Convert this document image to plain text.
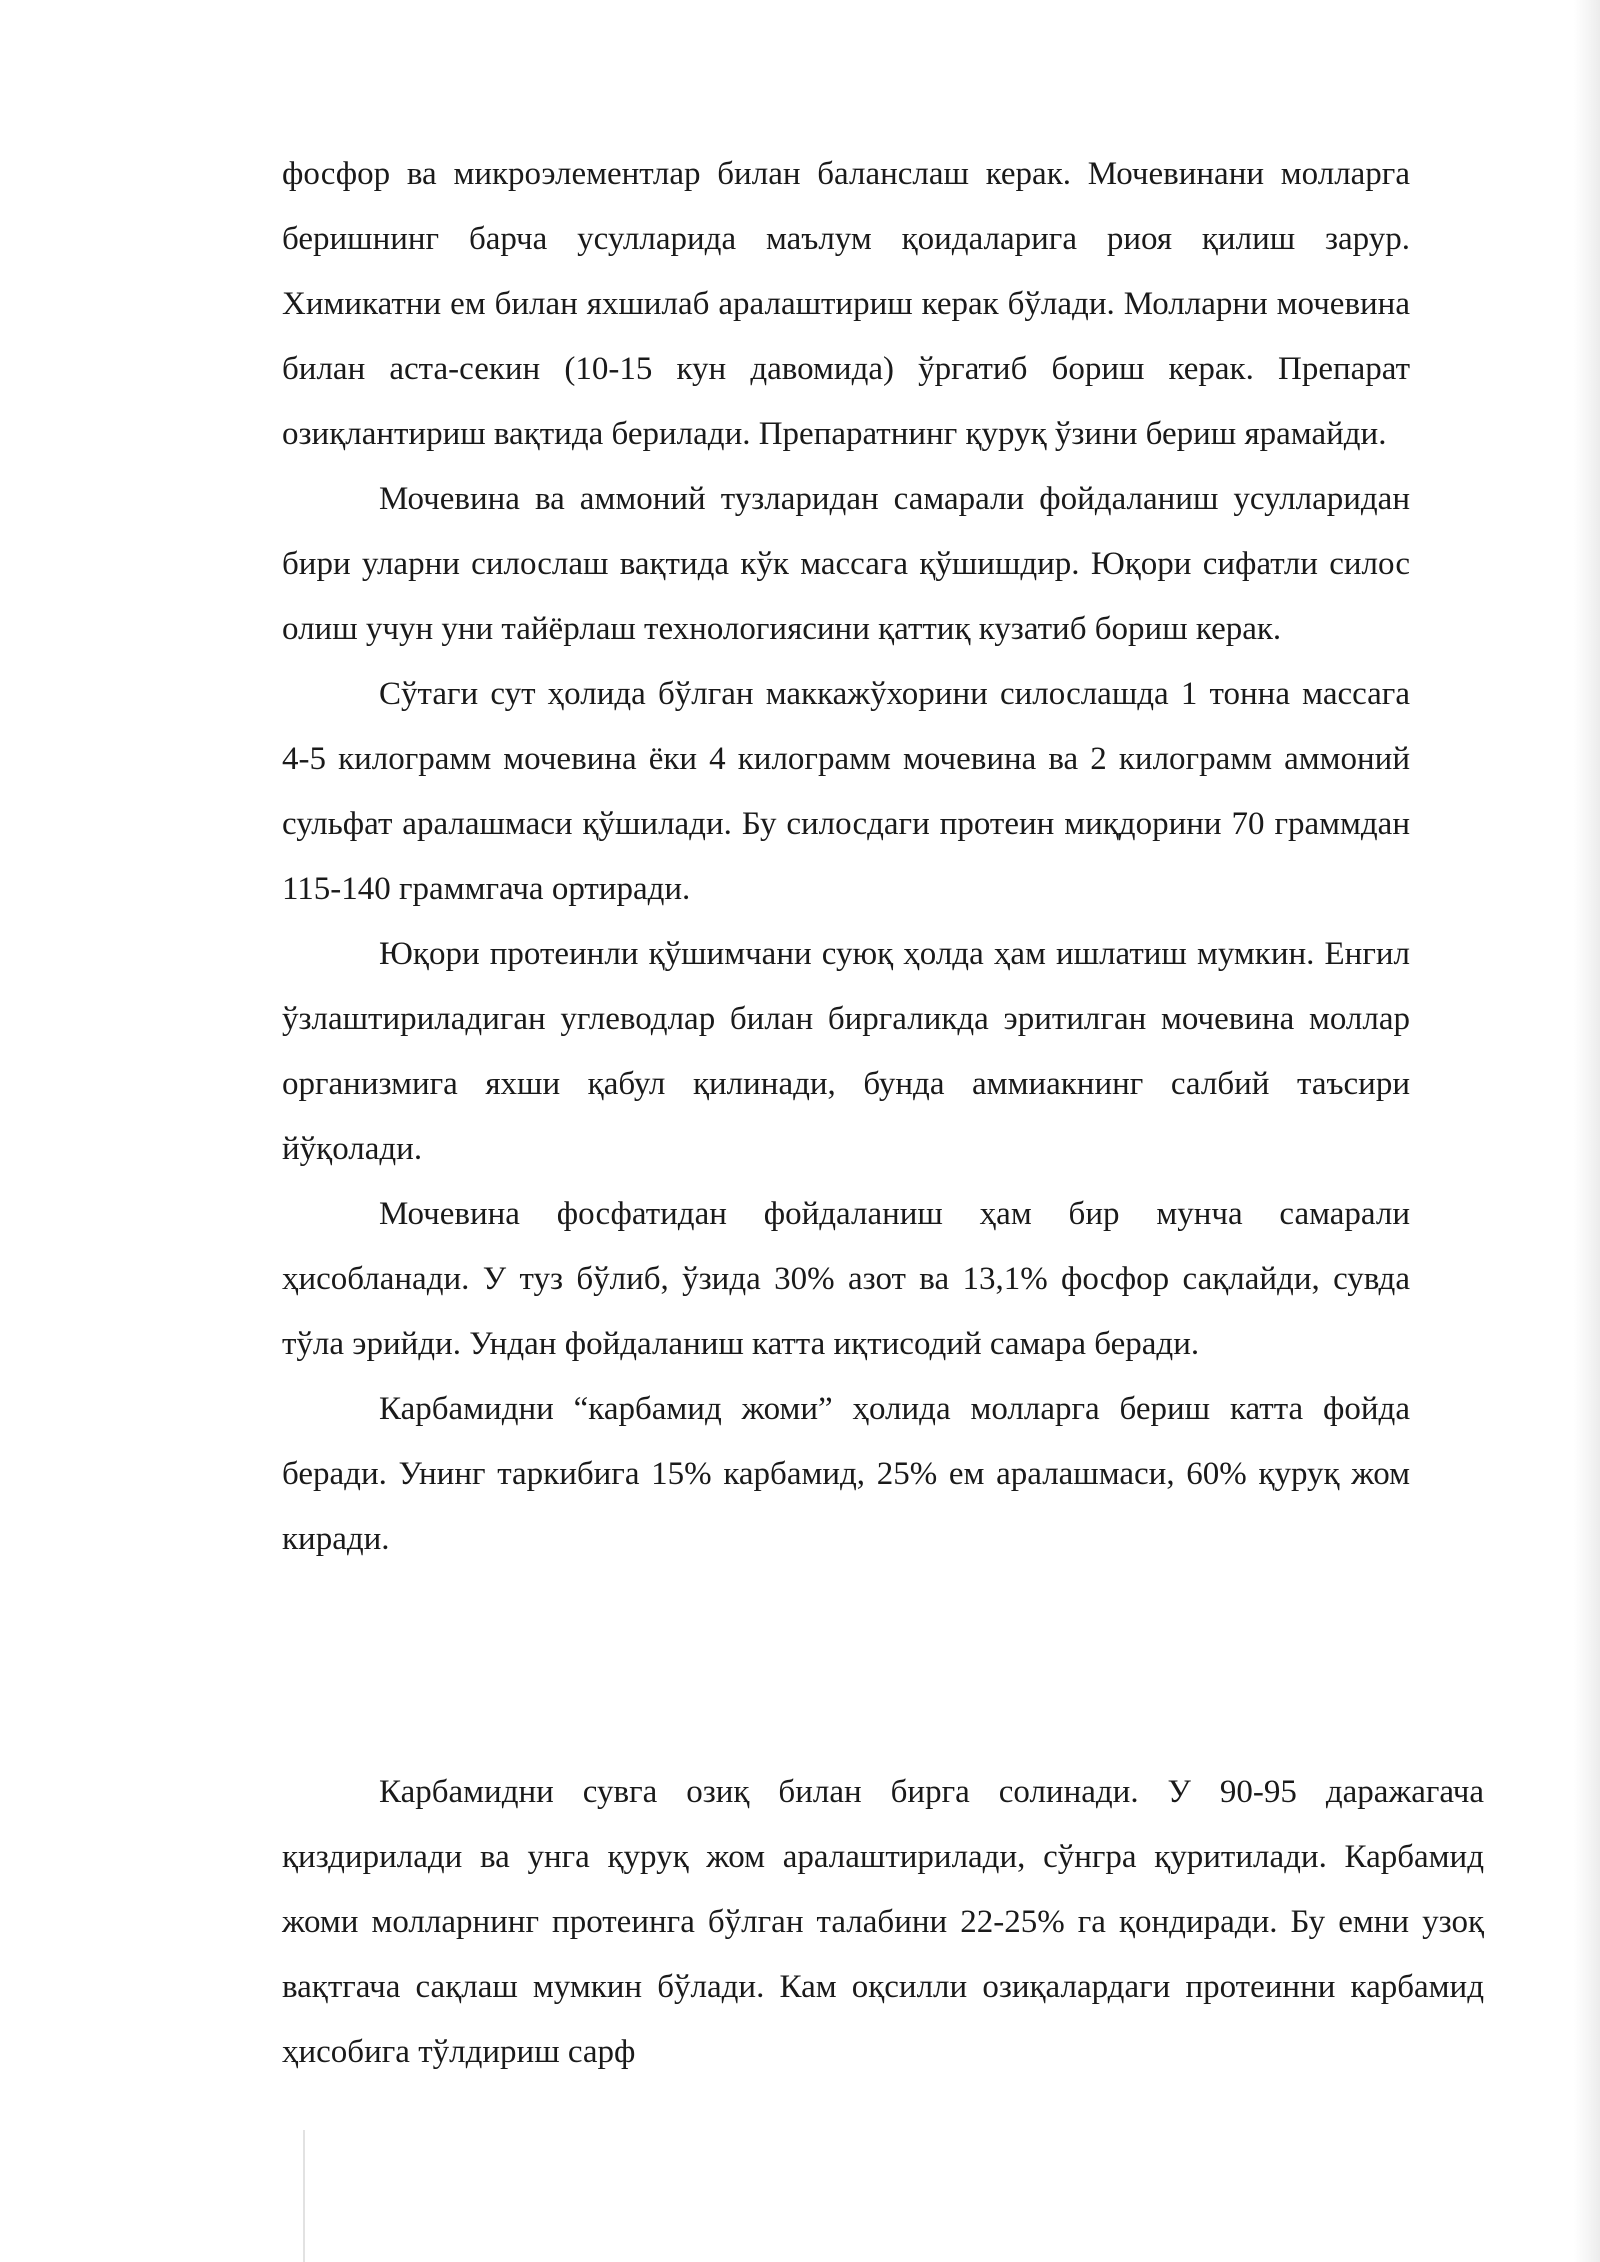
фосфор ва микроэлементлар билан баланслаш керак. Мочевинани молларга беришнинг барча усулларида маълум қоидаларига риоя қилиш зарур. Химикатни ем билан яхшилаб аралаштириш керак бўлади. Молларни мочевина билан аста-секин (10-15 кун давомида) ўргатиб бориш керак. Препарат озиқлантириш вақтида берилади. Препаратнинг қуруқ ўзини бериш ярамайди.

Мочевина ва аммоний тузларидан самарали фойдаланиш усулларидан бири уларни силослаш вақтида кўк массага қўшишдир. Юқори сифатли силос олиш учун уни тайёрлаш технологиясини қаттиқ кузатиб бориш керак.

Сўтаги сут ҳолида бўлган маккажўхорини силослашда 1 тонна массага 4-5 килограмм мочевина ёки 4 килограмм мочевина ва 2 килограмм аммоний сульфат аралашмаси қўшилади. Бу силосдаги протеин миқдорини 70 граммдан 115-140 граммгача ортиради.

Юқори протеинли қўшимчани суюқ ҳолда ҳам ишлатиш мумкин. Енгил ўзлаштириладиган углеводлар билан биргаликда эритилган мочевина моллар организмига яхши қабул қилинади, бунда аммиакнинг салбий таъсири йўқолади.

Мочевина фосфатидан фойдаланиш ҳам бир мунча самарали ҳисобланади. У туз бўлиб, ўзида 30% азот ва 13,1% фосфор сақлайди, сувда тўла эрийди. Ундан фойдаланиш катта иқтисодий самара беради.

Карбамидни “карбамид жоми” ҳолида молларга бериш катта фойда беради. Унинг таркибига 15% карбамид, 25% ем аралашмаси, 60% қуруқ жом киради.

Карбамидни сувга озиқ билан бирга солинади. У 90-95 даражагача қиздирилади ва унга қуруқ жом аралаштирилади, сўнгра қуритилади. Карбамид жоми молларнинг протеинга бўлган талабини 22-25% га қондиради. Бу емни узоқ вақтгача сақлаш мумкин бўлади. Кам оқсилли озиқалардаги протеинни карбамид ҳисобига тўлдириш сарф
